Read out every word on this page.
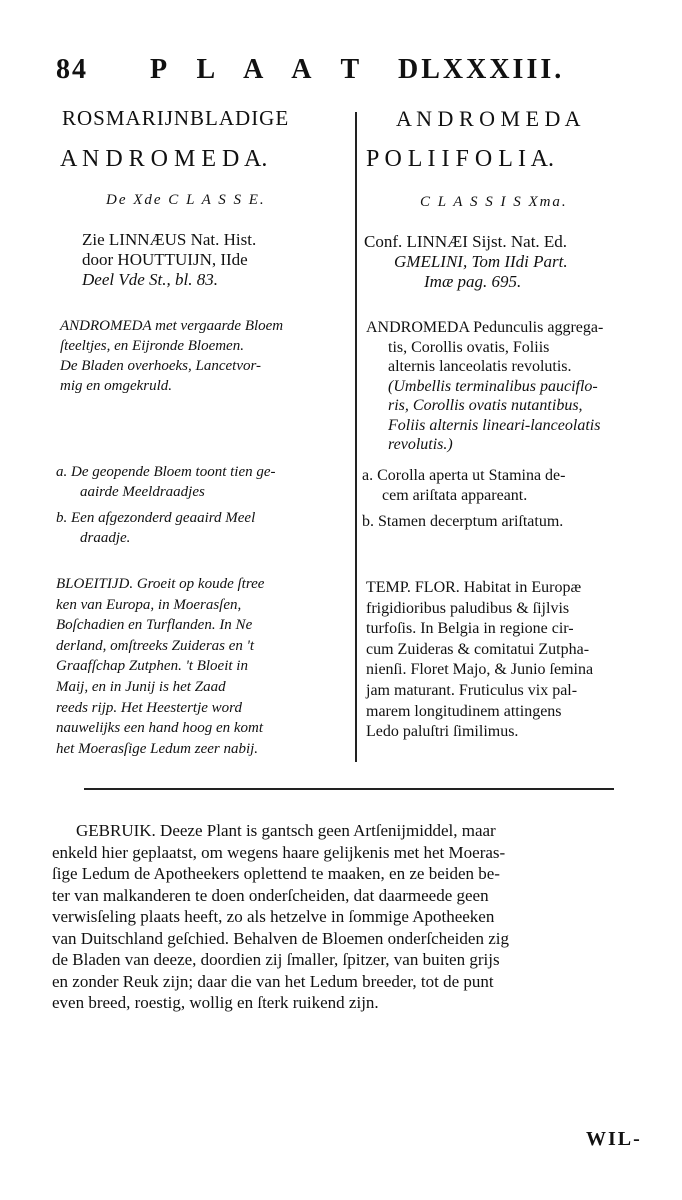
84 P L A A T DLXXXIII.
ROSMARIJNBLADIGE
A N D R O M E D A.
De Xde C L A S S E.
Zie LINNÆUS Nat. Hist.
door HOUTTUIJN, IIde
Deel Vde St., bl. 83.
ANDROMEDA met vergaarde Bloem
ſteeltjes, en Eijronde Bloemen.
De Bladen overhoeks, Lancetvor-
mig en omgekruld.
a. De geopende Bloem toont tien ge-
aairde Meeldraadjes
b. Een afgezonderd geaaird Meel
draadje.
BLOEITIJD. Groeit op koude ſtree
ken van Europa, in Moerasſen,
Boſchadien en Turflanden. In Ne
derland, omſtreeks Zuideras en 't
Graafſchap Zutphen. 't Bloeit in
Maij, en in Junij is het Zaad
reeds rijp. Het Heestertje word
nauwelijks een hand hoog en komt
het Moerasſige Ledum zeer nabij.
A N D R O M E D A
P O L I I F O L I A.
C L A S S I S Xma.
Conf. LINNÆI Sijst. Nat. Ed.
GMELINI, Tom IIdi Part.
Imæ pag. 695.
ANDROMEDA Pedunculis aggrega-
tis, Corollis ovatis, Foliis
alternis lanceolatis revolutis.
(Umbellis terminalibus pauciflo-
ris, Corollis ovatis nutantibus,
Foliis alternis lineari-lanceolatis
revolutis.)
a. Corolla aperta ut Stamina de-
cem ariſtata appareant.
b. Stamen decerptum ariſtatum.
TEMP. FLOR. Habitat in Europæ
frigidioribus paludibus & ſijlvis
turfoſis. In Belgia in regione cir-
cum Zuideras & comitatui Zutpha-
nienſi. Floret Majo, & Junio ſemina
jam maturant. Fruticulus vix pal-
marem longitudinem attingens
Ledo paluſtri ſimilimus.
GEBRUIK. Deeze Plant is gantsch geen Artſenijmiddel, maar
enkeld hier geplaatst, om wegens haare gelijkenis met het Moeras-
ſige Ledum de Apotheekers oplettend te maaken, en ze beiden be-
ter van malkanderen te doen onderſcheiden, dat daarmeede geen
verwisſeling plaats heeft, zo als hetzelve in ſommige Apotheeken
van Duitschland geſchied. Behalven de Bloemen onderſcheiden zig
de Bladen van deeze, doordien zij ſmaller, ſpitzer, van buiten grijs
en zonder Reuk zijn; daar die van het Ledum breeder, tot de punt
even breed, roestig, wollig en ſterk ruikend zijn.
WIL-
